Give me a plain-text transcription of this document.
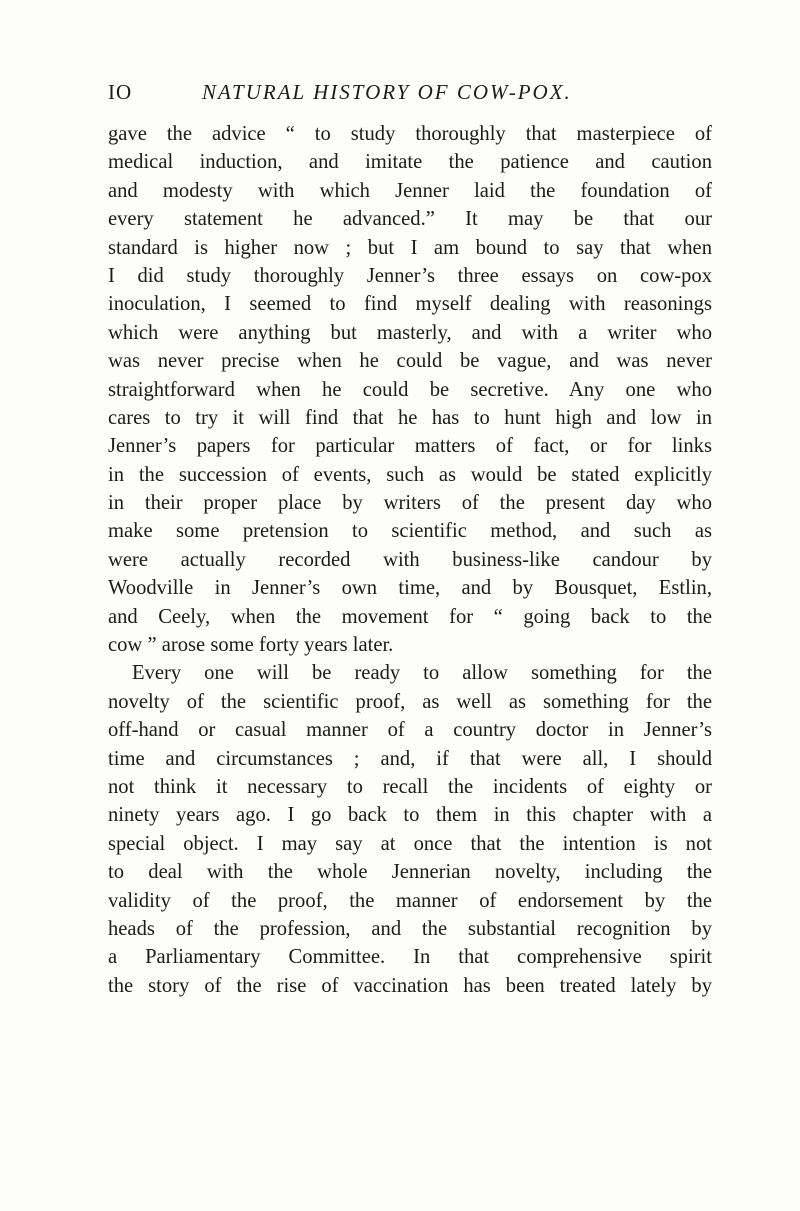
IO	NATURAL HISTORY OF COW-POX.
gave the advice “ to study thoroughly that masterpiece of
medical induction, and imitate the patience and caution
and modesty with which Jenner laid the foundation of
every statement he advanced.” It may be that our
standard is higher now ; but I am bound to say that when
I did study thoroughly Jenner’s three essays on cow-pox
inoculation, I seemed to find myself dealing with reasonings
which were anything but masterly, and with a writer who
was never precise when he could be vague, and was never
straightforward when he could be secretive. Any one who
cares to try it will find that he has to hunt high and low in
Jenner’s papers for particular matters of fact, or for links
in the succession of events, such as would be stated explicitly
in their proper place by writers of the present day who
make some pretension to scientific method, and such as
were actually recorded with business-like candour by
Woodville in Jenner’s own time, and by Bousquet, Estlin,
and Ceely, when the movement for “ going back to the
cow ” arose some forty years later.
Every one will be ready to allow something for the
novelty of the scientific proof, as well as something for the
off-hand or casual manner of a country doctor in Jenner’s
time and circumstances ; and, if that were all, I should
not think it necessary to recall the incidents of eighty or
ninety years ago. I go back to them in this chapter with a
special object. I may say at once that the intention is not
to deal with the whole Jennerian novelty, including the
validity of the proof, the manner of endorsement by the
heads of the profession, and the substantial recognition by
a Parliamentary Committee. In that comprehensive spirit
the story of the rise of vaccination has been treated lately by
